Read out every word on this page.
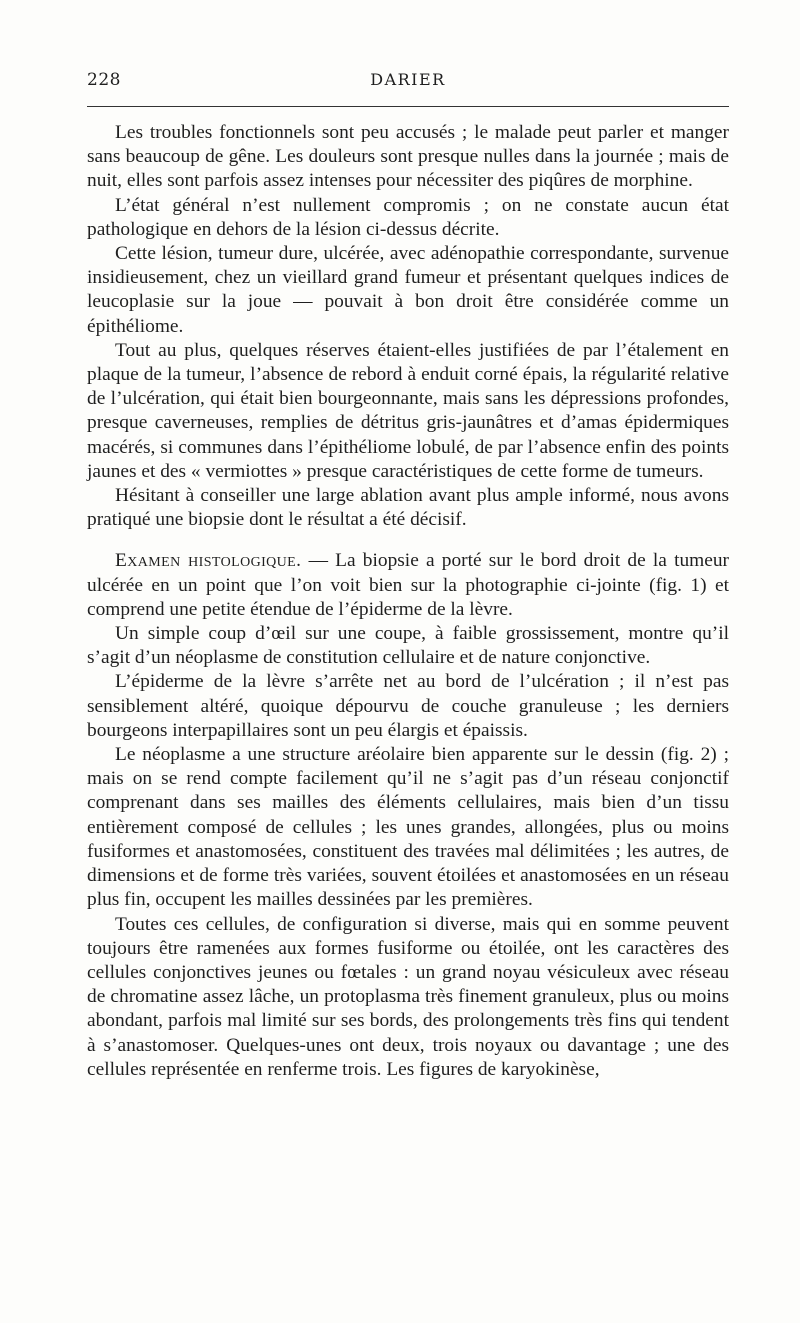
228	DARIER

Les troubles fonctionnels sont peu accusés ; le malade peut parler et manger sans beaucoup de gêne. Les douleurs sont presque nulles dans la journée ; mais de nuit, elles sont parfois assez intenses pour nécessiter des piqûres de morphine.

L’état général n’est nullement compromis ; on ne constate aucun état pathologique en dehors de la lésion ci-dessus décrite.

Cette lésion, tumeur dure, ulcérée, avec adénopathie correspondante, survenue insidieusement, chez un vieillard grand fumeur et présentant quelques indices de leucoplasie sur la joue — pouvait à bon droit être considérée comme un épithéliome.

Tout au plus, quelques réserves étaient-elles justifiées de par l’étalement en plaque de la tumeur, l’absence de rebord à enduit corné épais, la régularité relative de l’ulcération, qui était bien bourgeonnante, mais sans les dépressions profondes, presque caverneuses, remplies de détritus gris-jaunâtres et d’amas épidermiques macérés, si communes dans l’épithéliome lobulé, de par l’absence enfin des points jaunes et des « vermiottes » presque caractéristiques de cette forme de tumeurs.

Hésitant à conseiller une large ablation avant plus ample informé, nous avons pratiqué une biopsie dont le résultat a été décisif.

Examen histologique. — La biopsie a porté sur le bord droit de la tumeur ulcérée en un point que l’on voit bien sur la photographie ci-jointe (fig. 1) et comprend une petite étendue de l’épiderme de la lèvre.

Un simple coup d’œil sur une coupe, à faible grossissement, montre qu’il s’agit d’un néoplasme de constitution cellulaire et de nature conjonctive.

L’épiderme de la lèvre s’arrête net au bord de l’ulcération ; il n’est pas sensiblement altéré, quoique dépourvu de couche granuleuse ; les derniers bourgeons interpapillaires sont un peu élargis et épaissis.

Le néoplasme a une structure aréolaire bien apparente sur le dessin (fig. 2) ; mais on se rend compte facilement qu’il ne s’agit pas d’un réseau conjonctif comprenant dans ses mailles des éléments cellulaires, mais bien d’un tissu entièrement composé de cellules ; les unes grandes, allongées, plus ou moins fusiformes et anastomosées, constituent des travées mal délimitées ; les autres, de dimensions et de forme très variées, souvent étoilées et anastomosées en un réseau plus fin, occupent les mailles dessinées par les premières.

Toutes ces cellules, de configuration si diverse, mais qui en somme peuvent toujours être ramenées aux formes fusiforme ou étoilée, ont les caractères des cellules conjonctives jeunes ou fœtales : un grand noyau vésiculeux avec réseau de chromatine assez lâche, un protoplasma très finement granuleux, plus ou moins abondant, parfois mal limité sur ses bords, des prolongements très fins qui tendent à s’anastomoser. Quelques-unes ont deux, trois noyaux ou davantage ; une des cellules représentée en renferme trois. Les figures de karyokinèse,
